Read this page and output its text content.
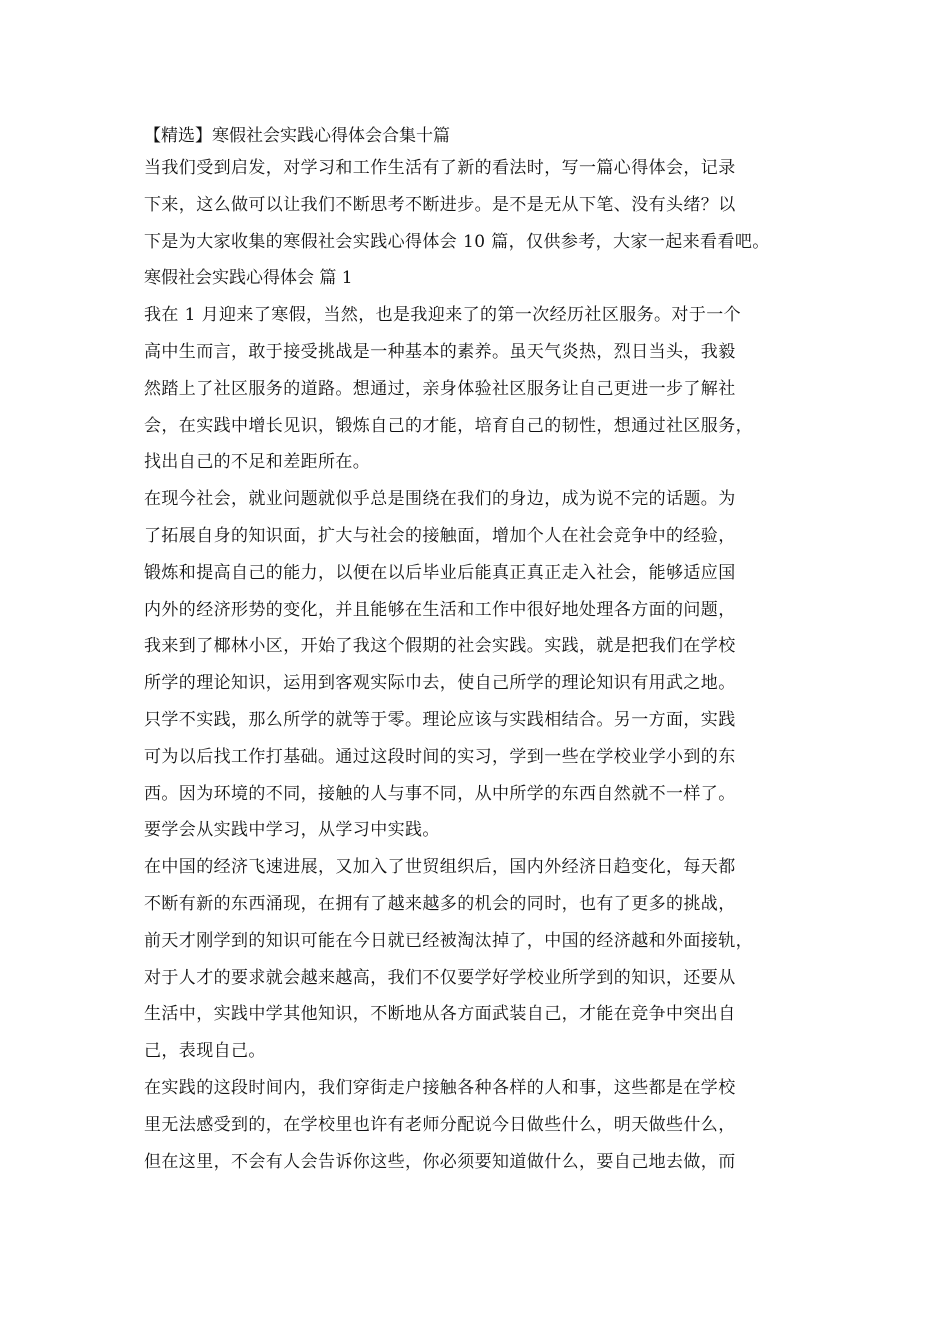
【精选】寒假社会实践心得体会合集十篇
当我们受到启发，对学习和工作生活有了新的看法时，写一篇心得体会，记录
下来，这么做可以让我们不断思考不断进步。是不是无从下笔、没有头绪？以
下是为大家收集的寒假社会实践心得体会 10 篇，仅供参考，大家一起来看看吧。
寒假社会实践心得体会 篇 1
我在 1 月迎来了寒假，当然，也是我迎来了的第一次经历社区服务。对于一个
高中生而言，敢于接受挑战是一种基本的素养。虽天气炎热，烈日当头，我毅
然踏上了社区服务的道路。想通过，亲身体验社区服务让自己更进一步了解社
会，在实践中增长见识，锻炼自己的才能，培育自己的韧性，想通过社区服务，
找出自己的不足和差距所在。
在现今社会，就业问题就似乎总是围绕在我们的身边，成为说不完的话题。为
了拓展自身的知识面，扩大与社会的接触面，增加个人在社会竞争中的经验，
锻炼和提高自己的能力，以便在以后毕业后能真正真正走入社会，能够适应国
内外的经济形势的变化，并且能够在生活和工作中很好地处理各方面的问题，
我来到了椰林小区，开始了我这个假期的社会实践。实践，就是把我们在学校
所学的理论知识，运用到客观实际巾去，使自己所学的理论知识有用武之地。
只学不实践，那么所学的就等于零。理论应该与实践相结合。另一方面，实践
可为以后找工作打基础。通过这段时间的实习，学到一些在学校业学小到的东
西。因为环境的不同，接触的人与事不同，从中所学的东西自然就不一样了。
要学会从实践中学习，从学习中实践。
在中国的经济飞速进展，又加入了世贸组织后，国内外经济日趋变化，每天都
不断有新的东西涌现，在拥有了越来越多的机会的同时，也有了更多的挑战，
前天才刚学到的知识可能在今日就已经被淘汰掉了，中国的经济越和外面接轨，
对于人才的要求就会越来越高，我们不仅要学好学校业所学到的知识，还要从
生活中，实践中学其他知识，不断地从各方面武装自己，才能在竞争中突出自
己，表现自己。
在实践的这段时间内，我们穿街走户接触各种各样的人和事，这些都是在学校
里无法感受到的，在学校里也许有老师分配说今日做些什么，明天做些什么，
但在这里，不会有人会告诉你这些，你必须要知道做什么，要自己地去做，而
